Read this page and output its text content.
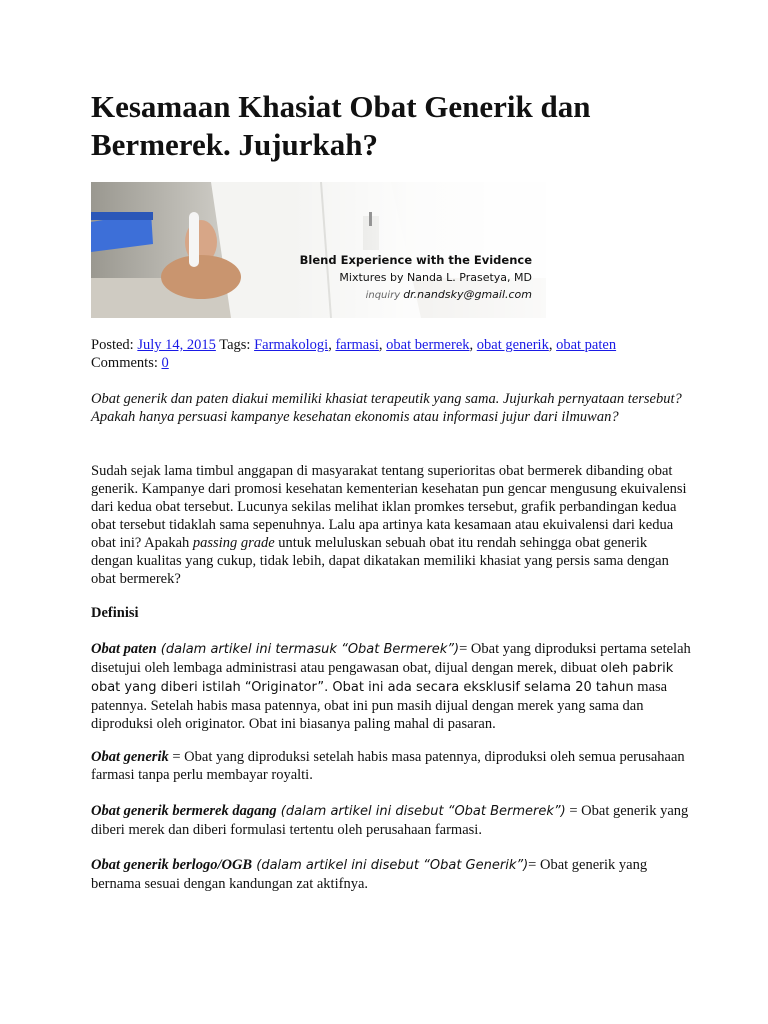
Kesamaan Khasiat Obat Generik dan Bermerek. Jujurkah?
Blend Experience with the Evidence
Mixtures by Nanda L. Prasetya, MD
inquiry dr.nandsky@gmail.com
Posted: July 14, 2015 Tags: Farmakologi, farmasi, obat bermerek, obat generik, obat paten
Comments: 0

Obat generik dan paten diakui memiliki khasiat terapeutik yang sama. Jujurkah pernyataan tersebut? Apakah hanya persuasi kampanye kesehatan ekonomis atau informasi jujur dari ilmuwan?

Sudah sejak lama timbul anggapan di masyarakat tentang superioritas obat bermerek dibanding obat generik. Kampanye dari promosi kesehatan kementerian kesehatan pun gencar mengusung ekuivalensi dari kedua obat tersebut. Lucunya sekilas melihat iklan promkes tersebut, grafik perbandingan kedua obat tersebut tidaklah sama sepenuhnya. Lalu apa artinya kata kesamaan atau ekuivalensi dari kedua obat ini? Apakah passing grade untuk meluluskan sebuah obat itu rendah sehingga obat generik dengan kualitas yang cukup, tidak lebih, dapat dikatakan memiliki khasiat yang persis sama dengan obat bermerek?

Definisi

Obat paten (dalam artikel ini termasuk “Obat Bermerek”)= Obat yang diproduksi pertama setelah disetujui oleh lembaga administrasi atau pengawasan obat, dijual dengan merek, dibuat oleh pabrik obat yang diberi istilah “Originator”. Obat ini ada secara eksklusif selama 20 tahun masa patennya. Setelah habis masa patennya, obat ini pun masih dijual dengan merek yang sama dan diproduksi oleh originator. Obat ini biasanya paling mahal di pasaran.

Obat generik = Obat yang diproduksi setelah habis masa patennya, diproduksi oleh semua perusahaan farmasi tanpa perlu membayar royalti.

Obat generik bermerek dagang (dalam artikel ini disebut “Obat Bermerek”) = Obat generik yang diberi merek dan diberi formulasi tertentu oleh perusahaan farmasi.

Obat generik berlogo/OGB (dalam artikel ini disebut “Obat Generik”)= Obat generik yang bernama sesuai dengan kandungan zat aktifnya.
